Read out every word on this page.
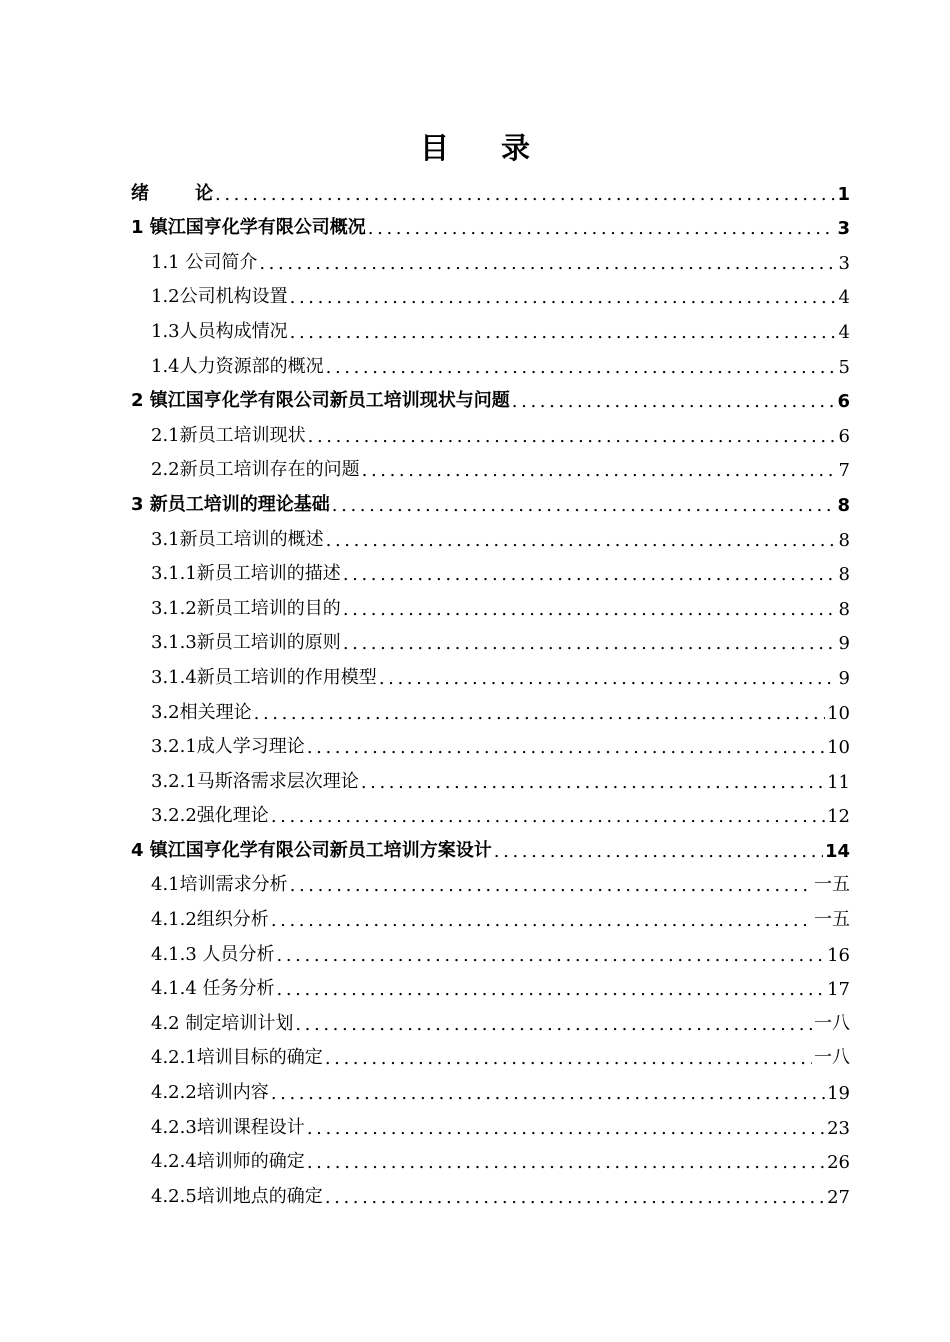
目 录
绪	论 .....	1
1 镇江国亨化学有限公司概况 .....	3
1.1 公司简介 .....	3
1.2公司机构设置 .....	4
1.3人员构成情况 .....	4
1.4人力资源部的概况 .....	5
2 镇江国亨化学有限公司新员工培训现状与问题 .....	6
2.1新员工培训现状 .....	6
2.2新员工培训存在的问题 .....	7
3 新员工培训的理论基础 .....	8
3.1新员工培训的概述 .....	8
3.1.1新员工培训的描述 .....	8
3.1.2新员工培训的目的 .....	8
3.1.3新员工培训的原则 .....	9
3.1.4新员工培训的作用模型 .....	9
3.2相关理论 .....	10
3.2.1成人学习理论 .....	10
3.2.1马斯洛需求层次理论 .....	11
3.2.2强化理论 .....	12
4 镇江国亨化学有限公司新员工培训方案设计 .....	14
4.1培训需求分析 .....	一五
4.1.2组织分析 .....	一五
4.1.3 人员分析 .....	16
4.1.4 任务分析 .....	17
4.2 制定培训计划 .....	一八
4.2.1培训目标的确定 .....	一八
4.2.2培训内容 .....	19
4.2.3培训课程设计 .....	23
4.2.4培训师的确定 .....	26
4.2.5培训地点的确定 .....	27
